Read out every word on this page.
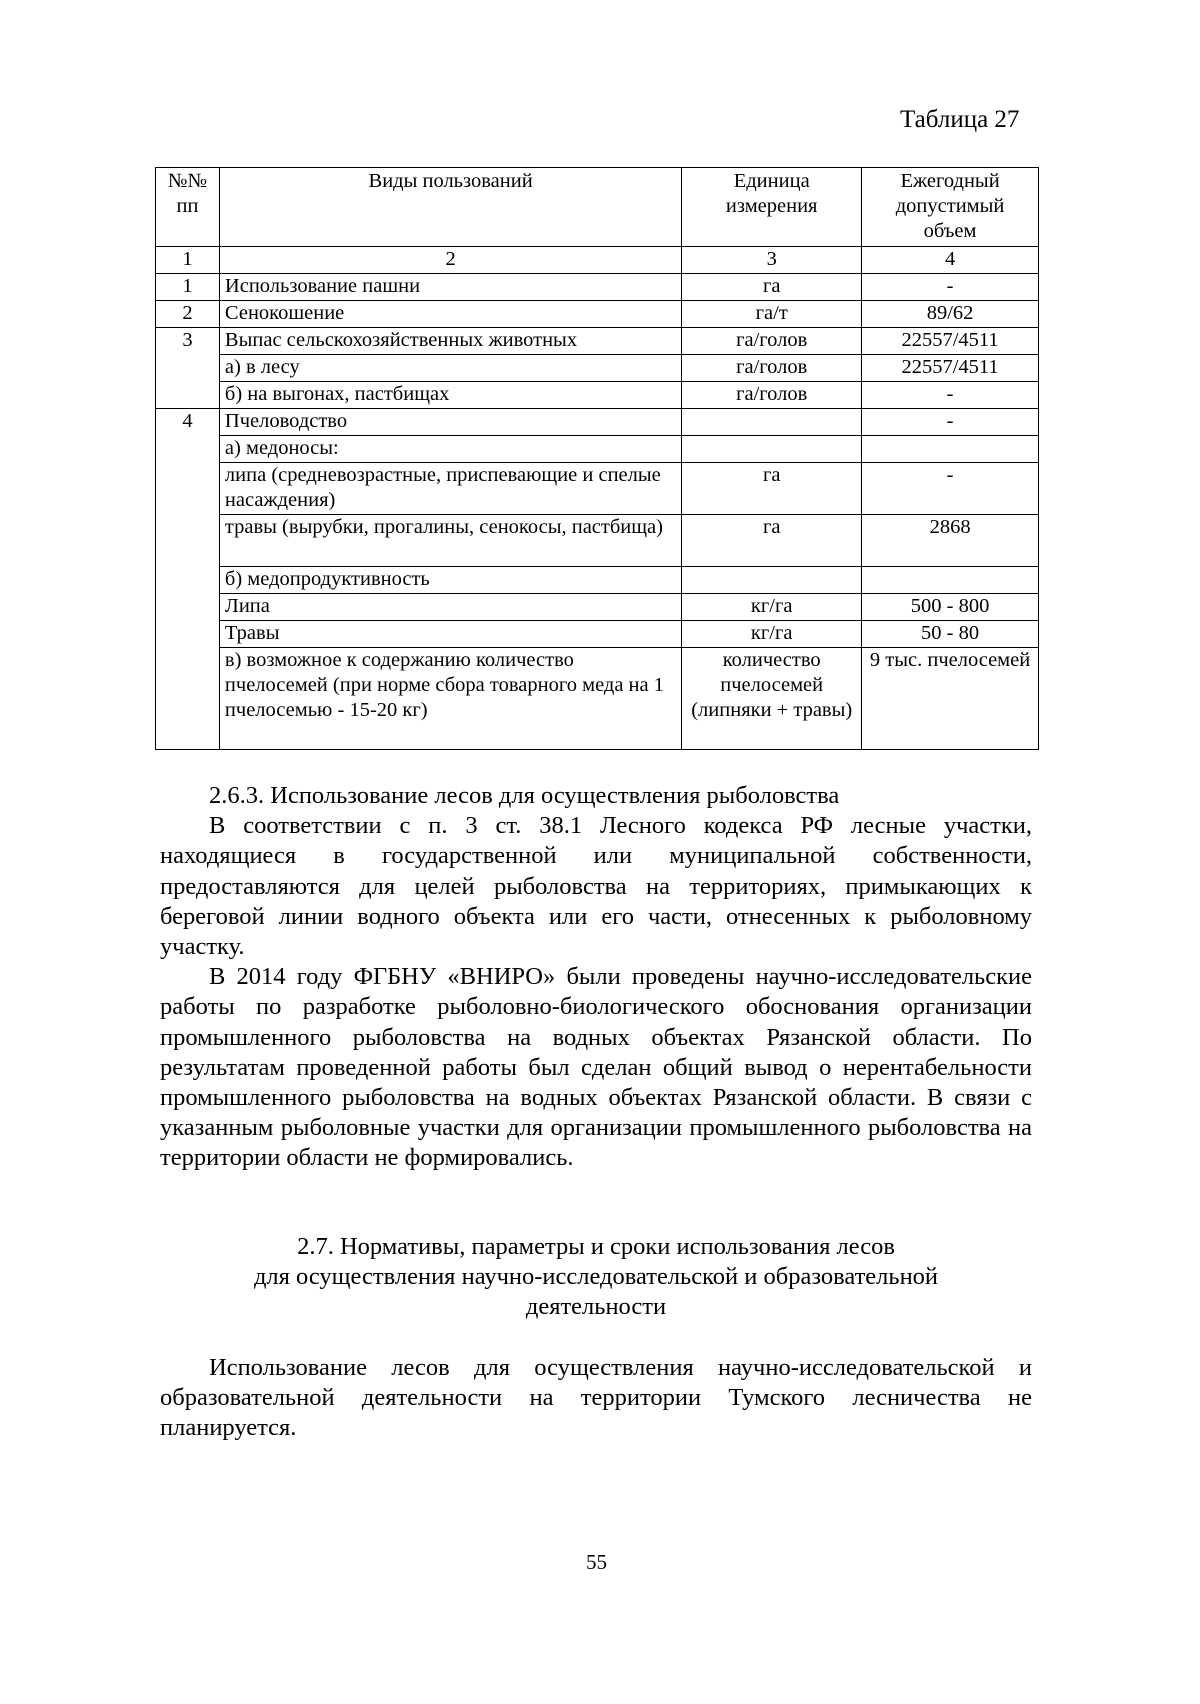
Таблица 27
№№ пп	Виды пользований	Единица измерения	Ежегодный допустимый объем
1	2	3	4
1	Использование пашни	га	-
2	Сенокошение	га/т	89/62
3	Выпас сельскохозяйственных животных	га/голов	22557/4511
	а) в лесу	га/голов	22557/4511
	б) на выгонах, пастбищах	га/голов	-
4	Пчеловодство		-
	а) медоносы:		
	липа (средневозрастные, приспевающие и спелые насаждения)	га	-
	травы (вырубки, прогалины, сенокосы, пастбища)	га	2868
	б) медопродуктивность		
	Липа	кг/га	500 - 800
	Травы	кг/га	50 - 80
	в) возможное к содержанию количество пчелосемей (при норме сбора товарного меда на 1 пчелосемью - 15-20 кг)	количество пчелосемей (липняки + травы)	9 тыс. пчелосемей

2.6.3. Использование лесов для осуществления рыболовства

В соответствии с п. 3 ст. 38.1 Лесного кодекса РФ лесные участки, находящиеся в государственной или муниципальной собственности, предоставляются для целей рыболовства на территориях, примыкающих к береговой линии водного объекта или его части, отнесенных к рыболовному участку.

В 2014 году ФГБНУ «ВНИРО» были проведены научно-исследовательские работы по разработке рыболовно-биологического обоснования организации промышленного рыболовства на водных объектах Рязанской области. По результатам проведенной работы был сделан общий вывод о нерентабельности промышленного рыболовства на водных объектах Рязанской области. В связи с указанным рыболовные участки для организации промышленного рыболовства на территории области не формировались.

2.7. Нормативы, параметры и сроки использования лесов

для осуществления научно-исследовательской и образовательной

деятельности

Использование лесов для осуществления научно-исследовательской и образовательной деятельности на территории Тумского лесничества не планируется.

55
